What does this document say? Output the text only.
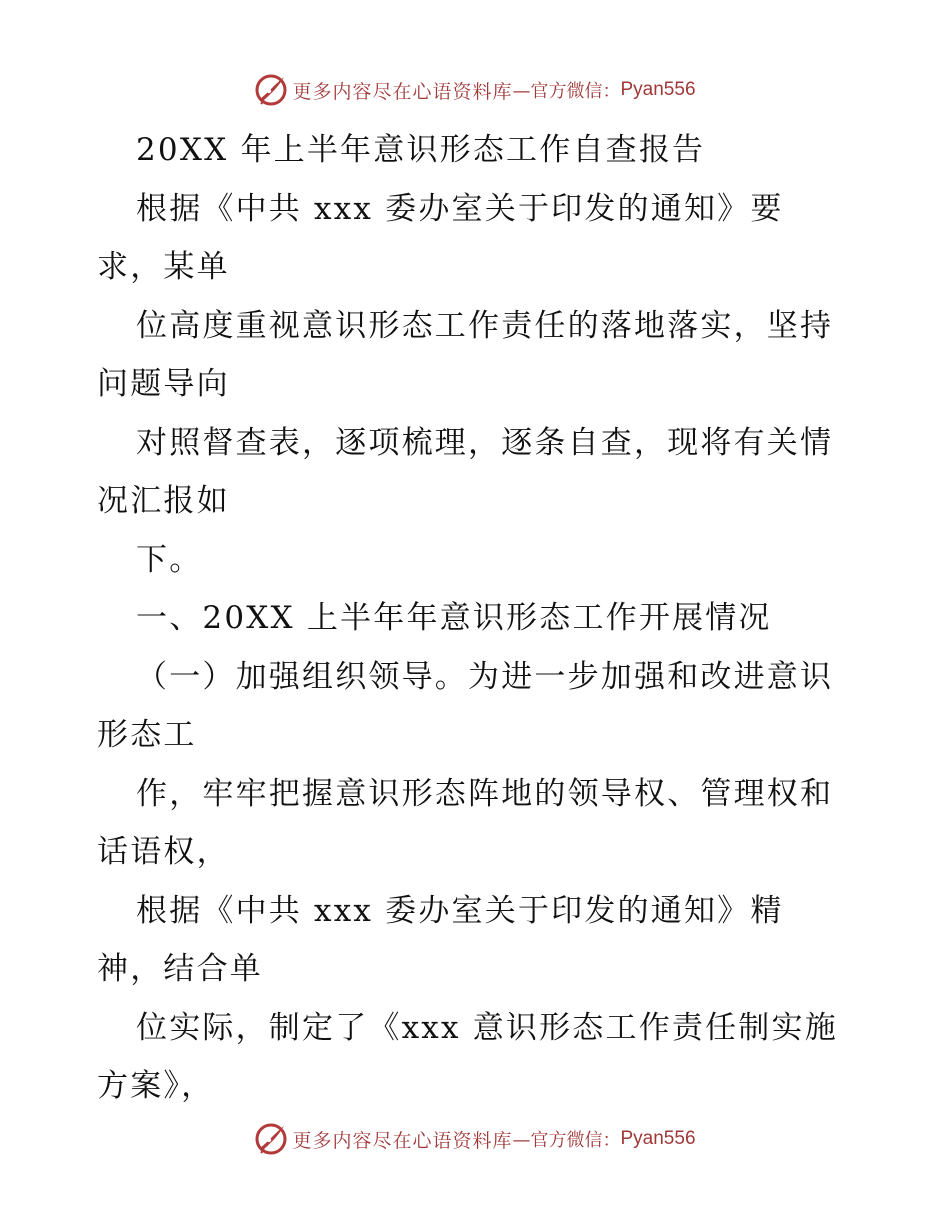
更多内容尽在心语资料库 —官方微信： Pyan556
20XX 年上半年意识形态工作自查报告
根据《中共 xxx 委办室关于印发的通知》要
求，某单
位高度重视意识形态工作责任的落地落实，坚持
问题导向
对照督查表，逐项梳理，逐条自查，现将有关情
况汇报如
下。
一、20XX 上半年年意识形态工作开展情况
（一）加强组织领导。为进一步加强和改进意识
形态工
作，牢牢把握意识形态阵地的领导权、管理权和
话语权，
根据《中共 xxx 委办室关于印发的通知》精
神，结合单
位实际，制定了《xxx 意识形态工作责任制实施
方案》，
更多内容尽在心语资料库 —官方微信： Pyan556
